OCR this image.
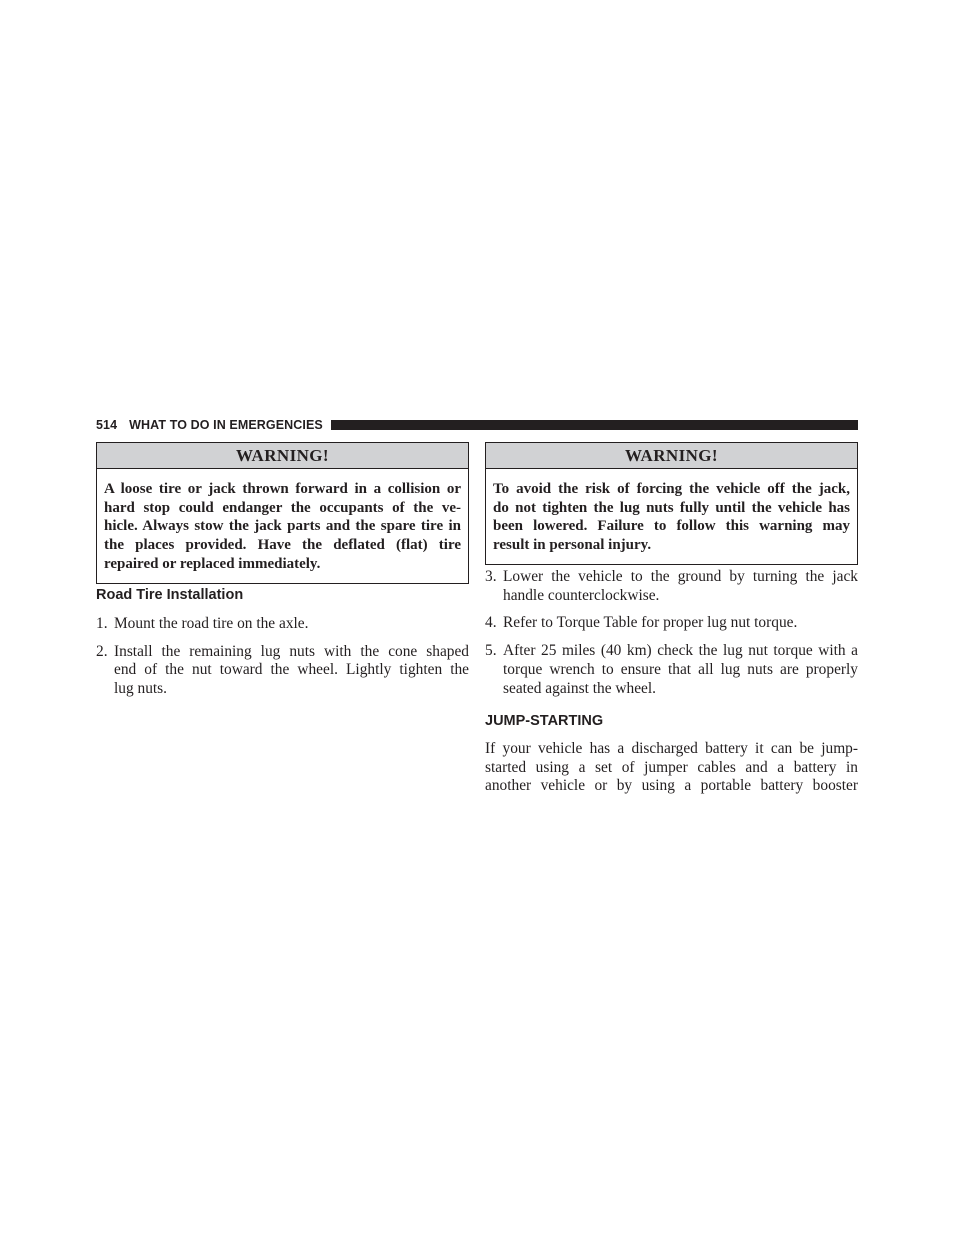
514 WHAT TO DO IN EMERGENCIES
WARNING!
A loose tire or jack thrown forward in a collision or
hard stop could endanger the occupants of the ve-
hicle. Always stow the jack parts and the spare tire in
the places provided. Have the deflated (flat) tire
repaired or replaced immediately.
Road Tire Installation
1. Mount the road tire on the axle.
2. Install the remaining lug nuts with the cone shaped
end of the nut toward the wheel. Lightly tighten the
lug nuts.
WARNING!
To avoid the risk of forcing the vehicle off the jack,
do not tighten the lug nuts fully until the vehicle has
been lowered. Failure to follow this warning may
result in personal injury.
3. Lower the vehicle to the ground by turning the jack
handle counterclockwise.
4. Refer to Torque Table for proper lug nut torque.
5. After 25 miles (40 km) check the lug nut torque with a
torque wrench to ensure that all lug nuts are properly
seated against the wheel.
JUMP-STARTING
If your vehicle has a discharged battery it can be jump-
started using a set of jumper cables and a battery in
another vehicle or by using a portable battery booster
